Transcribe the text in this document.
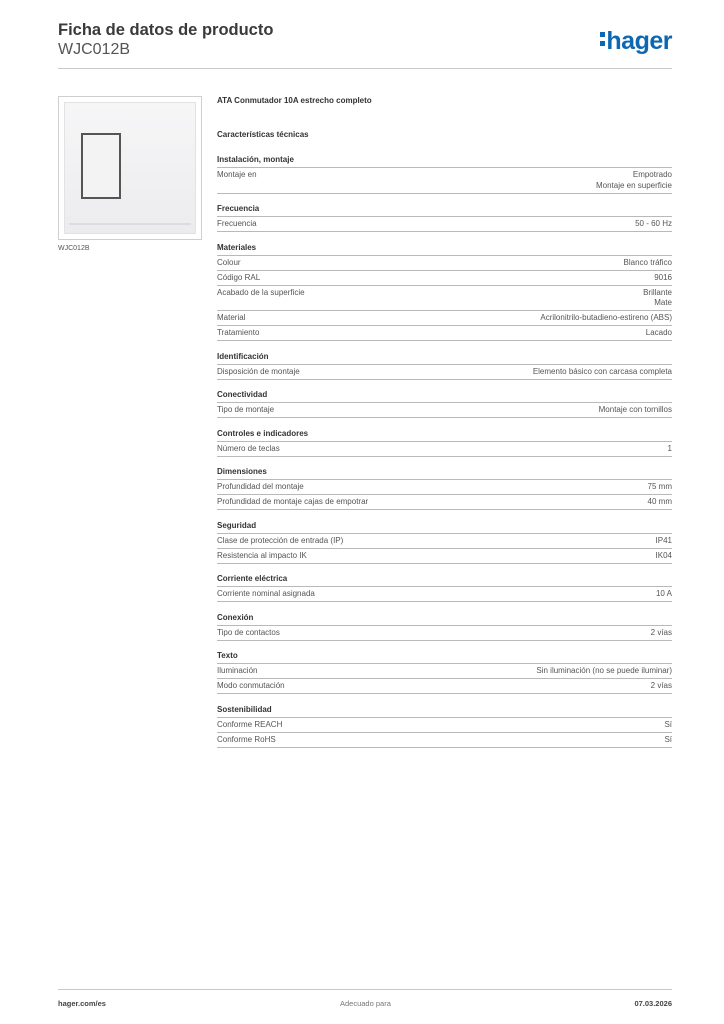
Ficha de datos de producto
WJC012B	hager
WJC012B
ATA Conmutador 10A estrecho completo
Características técnicas
Instalación, montaje
Montaje en	Empotrado
Montaje en superficie
Frecuencia
Frecuencia	50 - 60 Hz
Materiales
Colour	Blanco tráfico
Código RAL	9016
Acabado de la superficie	Brillante
Mate
Material	Acrilonitrilo-butadieno-estireno (ABS)
Tratamiento	Lacado
Identificación
Disposición de montaje	Elemento básico con carcasa completa
Conectividad
Tipo de montaje	Montaje con tornillos
Controles e indicadores
Número de teclas	1
Dimensiones
Profundidad del montaje	75 mm
Profundidad de montaje cajas de empotrar	40 mm
Seguridad
Clase de protección de entrada (IP)	IP41
Resistencia al impacto IK	IK04
Corriente eléctrica
Corriente nominal asignada	10 A
Conexión
Tipo de contactos	2 vías
Texto
Iluminación	Sin iluminación (no se puede iluminar)
Modo conmutación	2 vías
Sostenibilidad
Conforme REACH	Sí
Conforme RoHS	Sí
hager.com/es	Adecuado para	07.03.2026
